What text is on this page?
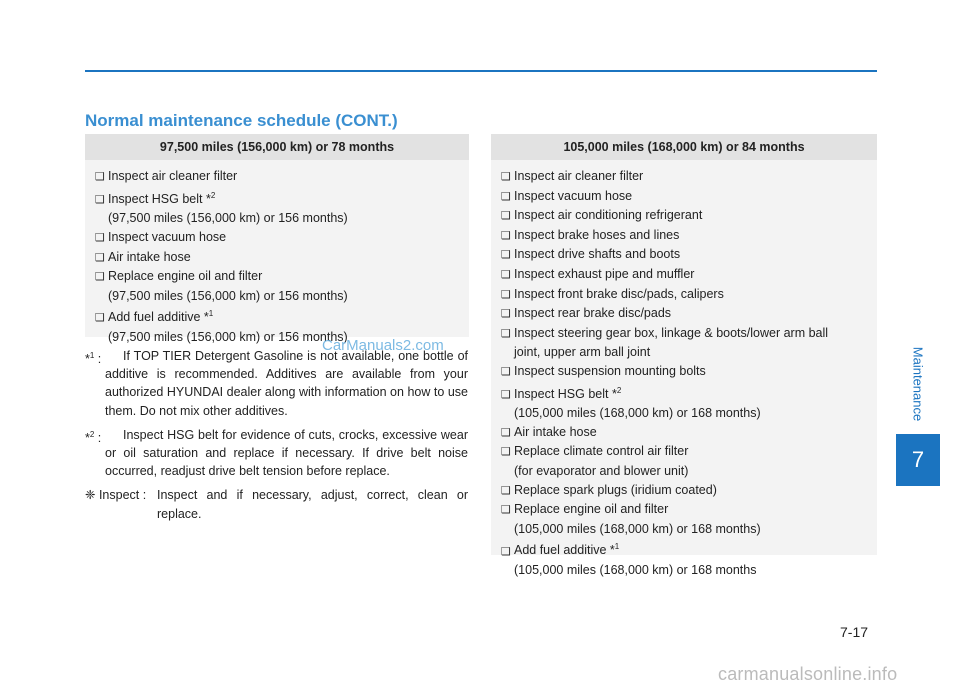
Normal maintenance schedule (CONT.)
97,500 miles (156,000 km) or 78 months
❑ Inspect air cleaner filter
❑ Inspect HSG belt *$^2$
(97,500 miles (156,000 km) or 156 months)
❑ Inspect vacuum hose
❑ Air intake hose
❑ Replace engine oil and filter
(97,500 miles (156,000 km) or 156 months)
❑ Add fuel additive *$^1$
(97,500 miles (156,000 km) or 156 months)
105,000 miles (168,000 km) or 84 months
❑ Inspect air cleaner filter
❑ Inspect vacuum hose
❑ Inspect air conditioning refrigerant
❑ Inspect brake hoses and lines
❑ Inspect drive shafts and boots
❑ Inspect exhaust pipe and muffler
❑ Inspect front brake disc/pads, calipers
❑ Inspect rear brake disc/pads
❑ Inspect steering gear box, linkage & boots/lower arm ball
joint, upper arm ball joint
❑ Inspect suspension mounting bolts
❑ Inspect HSG belt *$^2$
(105,000 miles (168,000 km) or 168 months)
❑ Air intake hose
❑ Replace climate control air filter
(for evaporator and blower unit)
❑ Replace spark plugs (iridium coated)
❑ Replace engine oil and filter
(105,000 miles (168,000 km) or 168 months)
❑ Add fuel additive *$^1$
(105,000 miles (168,000 km) or 168 months
*$^1$ :	If TOP TIER Detergent Gasoline is not available, one bottle of additive is recommended. Additives are available from your authorized HYUNDAI dealer along with information on how to use them. Do not mix other additives.
*$^2$ :	Inspect HSG belt for evidence of cuts, crocks, excessive wear or oil saturation and replace if necessary. If drive belt noise occurred, readjust drive belt tension before replace.
❈ Inspect : Inspect and if necessary, adjust, correct, clean or replace.
CarManuals2.com
Maintenance
7
7-17
carmanualsonline.info
